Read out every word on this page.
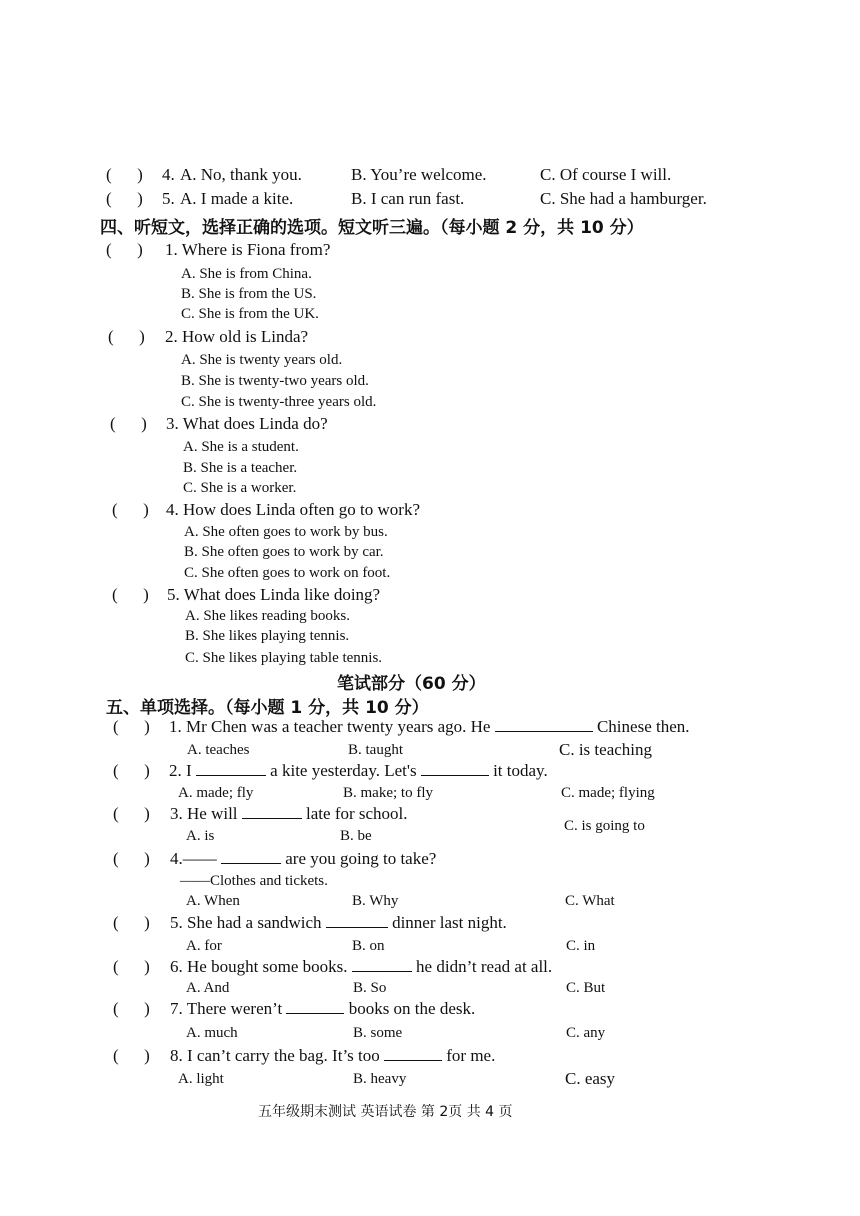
(      ) 4. A. No, thank you.	B. You’re welcome.	C. Of course I will.
(      ) 5. A. I made a kite.	B. I can run fast.	C. She had a hamburger.
四、听短文，选择正确的选项。短文听三遍。（每小题 2 分，共 10 分）
(      ) 1. Where is Fiona from?
A. She is from China.
B. She is from the US.
C. She is from the UK.
(      ) 2. How old is Linda?
A. She is twenty years old.
B. She is twenty-two years old.
C. She is twenty-three years old.
(      ) 3. What does Linda do?
A. She is a student.
B. She is a teacher.
C. She is a worker.
(      ) 4. How does Linda often go to work?
A. She often goes to work by bus.
B. She often goes to work by car.
C. She often goes to work on foot.
(      ) 5. What does Linda like doing?
A. She likes reading books.
B. She likes playing tennis.
C. She likes playing table tennis.
笔试部分（60 分）
五、单项选择。（每小题 1 分，共 10 分）
(      ) 1. Mr Chen was a teacher twenty years ago. He	Chinese then.
A. teaches	B. taught	C. is teaching
(      ) 2. I	a kite yesterday. Let's	it today.
A. made; fly	B. make; to fly	C. made; flying
(      ) 3. He will	late for school.
A. is	B. be
C. is going to
(      ) 4.——	are you going to take?
——Clothes and tickets.
A. When	B. Why	C. What
(      ) 5. She had a sandwich	dinner last night.
A. for	B. on	C. in
(      ) 6. He bought some books.	he didn’t read at all.
A. And	B. So	C. But
(      ) 7. There weren’t	books on the desk.
A. much	B. some	C. any
(      ) 8. I can’t carry the bag. It’s too	for me.
A. light	B. heavy	C. easy
五年级期末测试 英语试卷 第 2页 共 4 页
